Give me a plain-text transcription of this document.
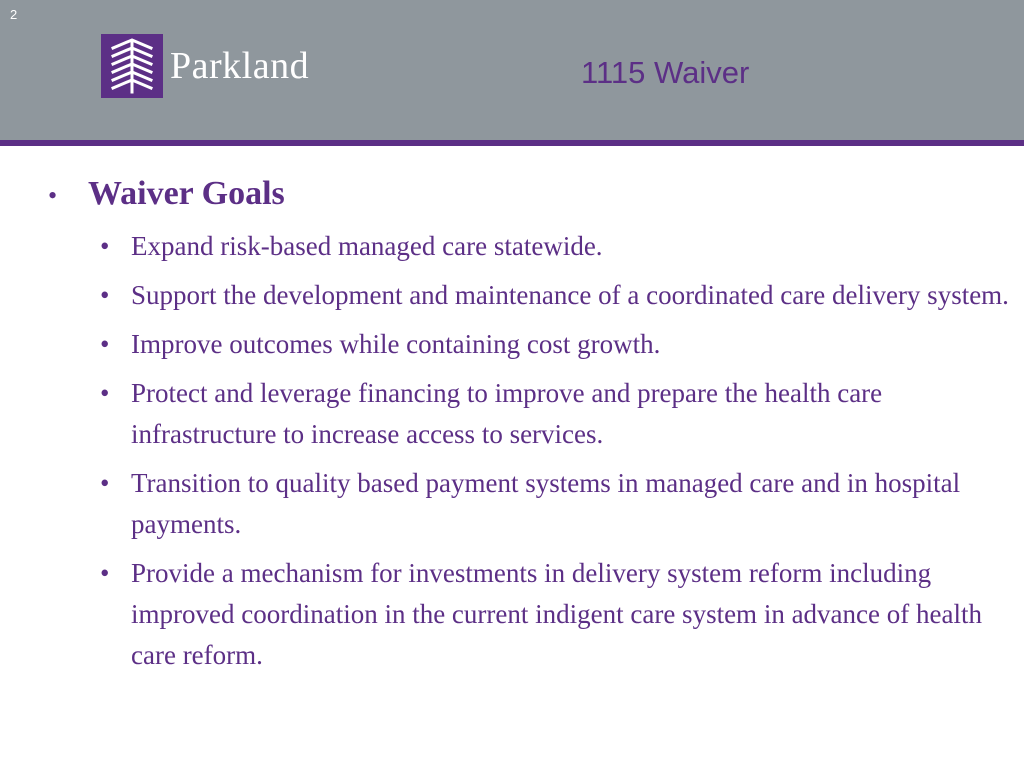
2
Parkland	1115 Waiver
• Waiver Goals
• Expand risk-based managed care statewide.
• Support the development and maintenance of a coordinated care delivery system.
• Improve outcomes while containing cost growth.
• Protect and leverage financing to improve and prepare the health care infrastructure to increase access to services.
• Transition to quality based payment systems in managed care and in hospital payments.
• Provide a mechanism for investments in delivery system reform including improved coordination in the current indigent care system in advance of health care reform.
